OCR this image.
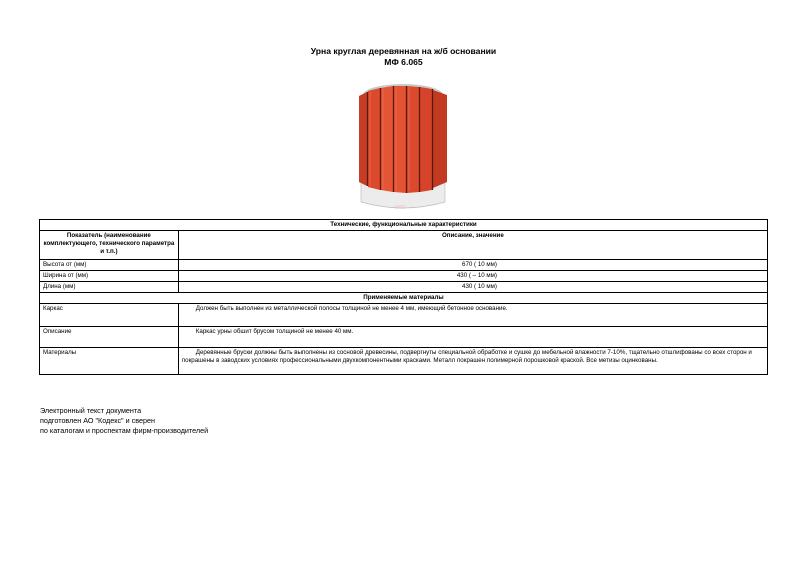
Урна круглая деревянная на ж/б основании
МФ 6.065
Технические, функциональные характеристики	
Показатель (наименование комплектующего, технического параметра и т.п.)	Описание, значение
Высота от (мм)	670 ( 10 мм)
Ширина от (мм)	430 ( – 10 мм)
Длина (мм)	430 ( 10 мм)
Применяемые материалы	
Каркас	Должен быть выполнен из металлической полосы толщиной не менее 4 мм, имеющий бетонное основание.
Описание	Каркас урны обшит брусом толщиной не менее 40 мм.
Материалы	Деревянные бруски должны быть выполнены из сосновой древесины, подвергнуты специальной обработке и сушке до мебельной влажности 7-10%, тщательно отшлифованы со всех сторон и покрашены в заводских условиях профессиональными двухкомпонентными красками. Металл покрашен полимерной порошковой краской. Все метизы оцинкованы.
Электронный текст документа
подготовлен АО "Кодекс" и сверен
по каталогам и проспектам фирм-производителей
